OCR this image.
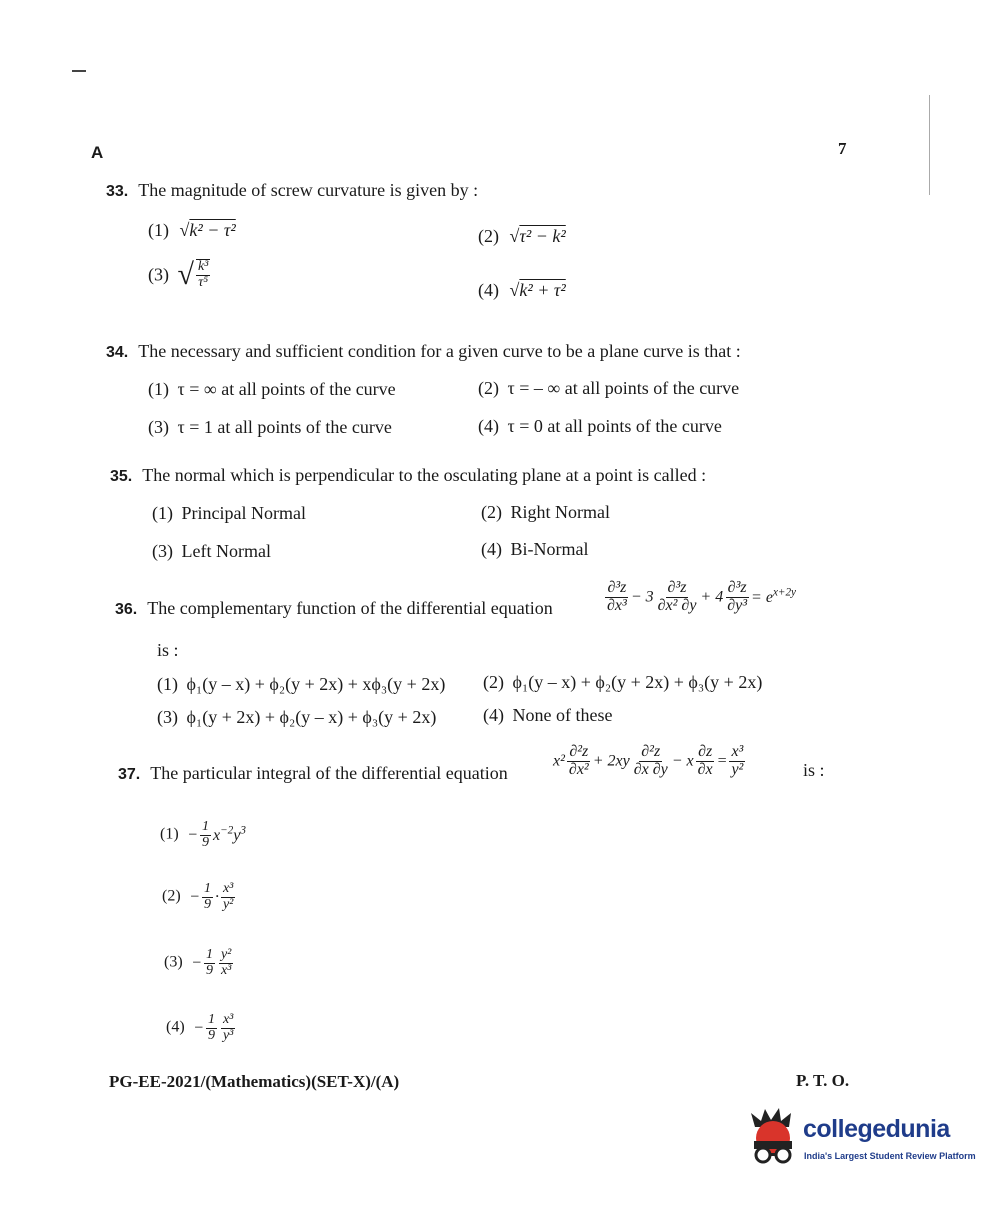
A	7
33. The magnitude of screw curvature is given by :
(1) √k² − τ²	(2) √τ² − k²
(3) √ $\frac{\text{k³}}{\text{τ⁵}}$	(4) √k² + τ²
34. The necessary and sufficient condition for a given curve to be a plane curve is that :
(1) τ = ∞ at all points of the curve	(2) τ = – ∞ at all points of the curve
(3) τ = 1 at all points of the curve	(4) τ = 0 at all points of the curve
35. The normal which is perpendicular to the osculating plane at a point is called :
(1) Principal Normal	(2) Right Normal
(3) Left Normal	(4) Bi-Normal
36. The complementary function of the differential equation	$\frac{\text{∂³z}}{\text{∂x³}} - 3 \frac{\text{∂³z}}{\text{∂x² ∂y}} + 4 \frac{\text{∂³z}}{\text{∂y³}} = e^{x+2y}$
is :
(1) ϕ₁(y – x) + ϕ₂(y + 2x) + xϕ₃(y + 2x) (2) ϕ₁(y – x) + ϕ₂(y + 2x) + ϕ₃(y + 2x)
(3) ϕ₁(y + 2x) + ϕ₂(y – x) + ϕ₃(y + 2x)	(4) None of these
37. The particular integral of the differential equation
$x^2 \frac{\text{∂²z}}{\text{∂x²}} + 2xy \frac{\text{∂²z}}{\partial x \partial y} - x \frac{\partial z}{\partial x} = \frac{\text{x³}}{\text{y²}}$	is :
$(1) - \frac{1}{9} x^{-2}y^3$
$(2) - \frac{1}{9} \cdot \frac{\text{x³}}{\text{y²}}$
$(3) - \frac{1}{9} \frac{\text{y²}}{\text{x³}}$
$(4) - \frac{1}{9} \frac{\text{x³}}{\text{y³}}$
PG-EE-2021/(Mathematics)(SET-X)/(A)	P. T. O.
collegedunia
India's Largest Student Review Platform
